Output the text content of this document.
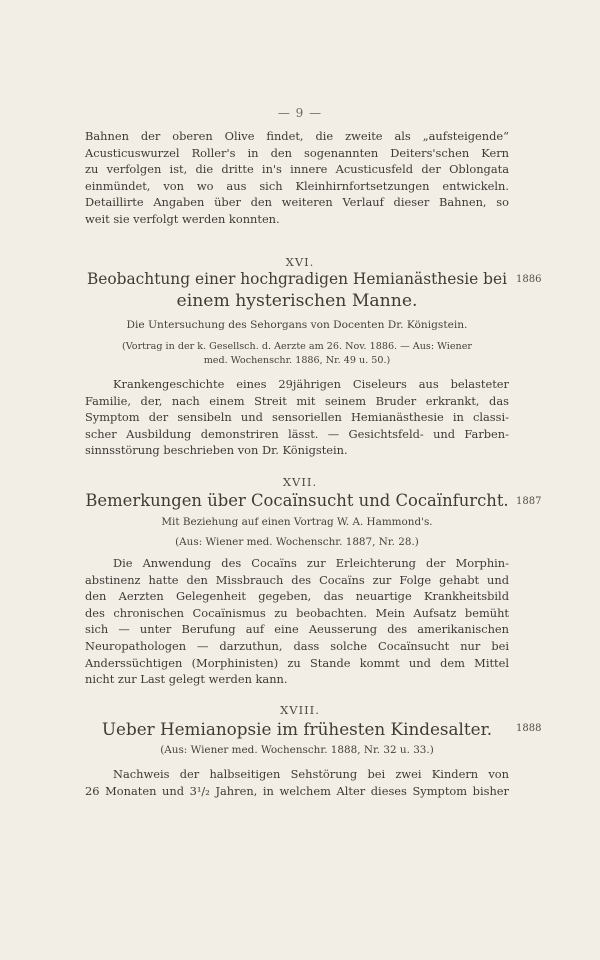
— 9 —
Bahnen der oberen Olive findet, die zweite als „aufsteigende“
Acusticuswurzel Roller's in den sogenannten Deiters'schen Kern
zu verfolgen ist, die dritte in's innere Acusticusfeld der Oblongata
einmündet, von wo aus sich Kleinhirnfortsetzungen entwickeln.
Detaillirte Angaben über den weiteren Verlauf dieser Bahnen, so
weit sie verfolgt werden konnten.
XVI.
Beobachtung einer hochgradigen Hemianästhesie bei
einem hysterischen Manne.
1886
Die Untersuchung des Sehorgans von Docenten Dr. Königstein.
(Vortrag in der k. Gesellsch. d. Aerzte am 26. Nov. 1886. — Aus: Wiener
med. Wochenschr. 1886, Nr. 49 u. 50.)
Krankengeschichte eines 29jährigen Ciseleurs aus belasteter
Familie, der, nach einem Streit mit seinem Bruder erkrankt, das
Symptom der sensibeln und sensoriellen Hemianästhesie in classi-
scher Ausbildung demonstriren lässt. — Gesichtsfeld- und Farben-
sinnsstörung beschrieben von Dr. Königstein.
XVII.
Bemerkungen über Cocaïnsucht und Cocaïnfurcht. 1887
Mit Beziehung auf einen Vortrag W. A. Hammond's.
(Aus: Wiener med. Wochenschr. 1887, Nr. 28.)
Die Anwendung des Cocaïns zur Erleichterung der Morphin-
abstinenz hatte den Missbrauch des Cocaïns zur Folge gehabt und
den Aerzten Gelegenheit gegeben, das neuartige Krankheitsbild
des chronischen Cocaïnismus zu beobachten. Mein Aufsatz bemüht
sich — unter Berufung auf eine Aeusserung des amerikanischen
Neuropathologen — darzuthun, dass solche Cocaïnsucht nur bei
Anderssüchtigen (Morphinisten) zu Stande kommt und dem Mittel
nicht zur Last gelegt werden kann.
XVIII.
Ueber Hemianopsie im frühesten Kindesalter.	1888
(Aus: Wiener med. Wochenschr. 1888, Nr. 32 u. 33.)
Nachweis der halbseitigen Sehstörung bei zwei Kindern von
26 Monaten und 3¹/₂ Jahren, in welchem Alter dieses Symptom bisher
